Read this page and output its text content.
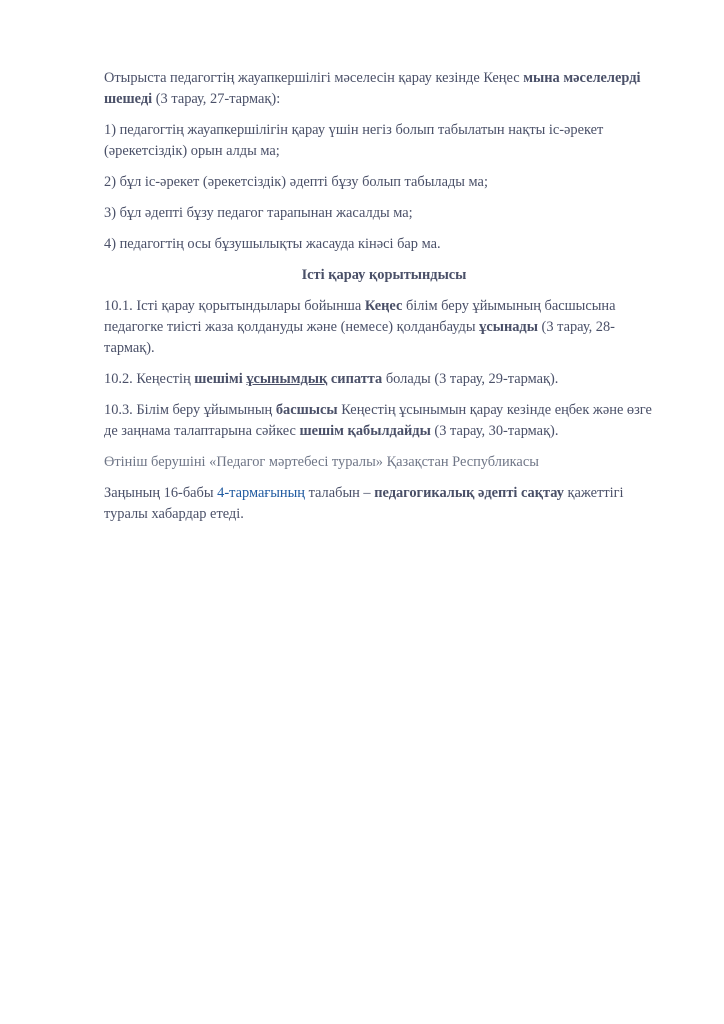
Отырыста педагогтің жауапкершілігі мәселесін қарау кезінде Кеңес мына мәселелерді шешеді (3 тарау, 27-тармақ):

1) педагогтің жауапкершілігін қарау үшін негіз болып табылатын нақты іс-әрекет (әрекетсіздік) орын алды ма;

2) бұл іс-әрекет (әрекетсіздік) әдепті бұзу болып табылады ма;

3) бұл әдепті бұзу педагог тарапынан жасалды ма;

4) педагогтің осы бұзушылықты жасауда кінәсі бар ма.

Істі қарау қорытындысы

10.1. Істі қарау қорытындылары бойынша Кеңес білім беру ұйымының басшысына педагогке тиісті жаза қолдануды және (немесе) қолданбауды ұсынады (3 тарау, 28-тармақ).

10.2. Кеңестің шешімі ұсынымдық сипатта болады (3 тарау, 29-тармақ).

10.3. Білім беру ұйымының басшысы Кеңестің ұсынымын қарау кезінде еңбек және өзге де заңнама талаптарына сәйкес шешім қабылдайды (3 тарау, 30-тармақ).

Өтініш берушіні «Педагог мәртебесі туралы» Қазақстан Республикасы

Заңының 16-бабы 4-тармағының талабын – педагогикалық әдепті сақтау қажеттігі туралы хабардар етеді.
